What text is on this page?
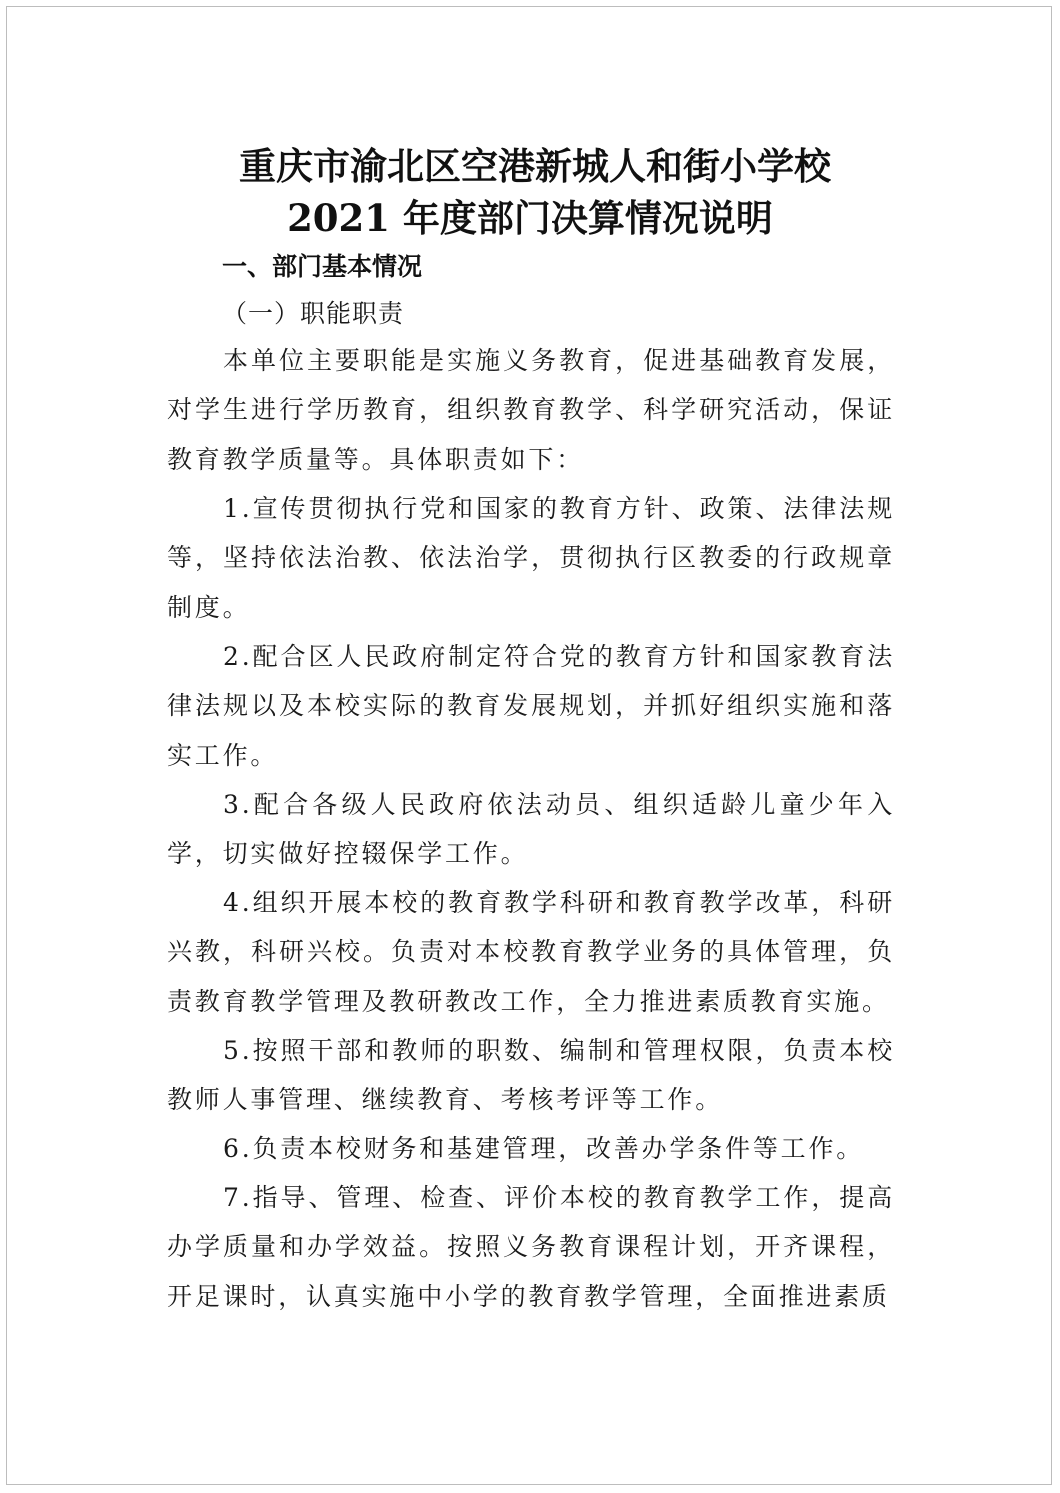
重庆市渝北区空港新城人和街小学校
2021 年度部门决算情况说明
一、部门基本情况
（一）职能职责
本单位主要职能是实施义务教育，促进基础教育发展，对学生进行学历教育，组织教育教学、科学研究活动，保证教育教学质量等。具体职责如下：
1.宣传贯彻执行党和国家的教育方针、政策、法律法规等，坚持依法治教、依法治学，贯彻执行区教委的行政规章制度。
2.配合区人民政府制定符合党的教育方针和国家教育法律法规以及本校实际的教育发展规划，并抓好组织实施和落实工作。
3.配合各级人民政府依法动员、组织适龄儿童少年入学，切实做好控辍保学工作。
4.组织开展本校的教育教学科研和教育教学改革，科研兴教，科研兴校。负责对本校教育教学业务的具体管理，负责教育教学管理及教研教改工作，全力推进素质教育实施。
5.按照干部和教师的职数、编制和管理权限，负责本校教师人事管理、继续教育、考核考评等工作。
6.负责本校财务和基建管理，改善办学条件等工作。
7.指导、管理、检查、评价本校的教育教学工作，提高办学质量和办学效益。按照义务教育课程计划，开齐课程，开足课时，认真实施中小学的教育教学管理，全面推进素质
